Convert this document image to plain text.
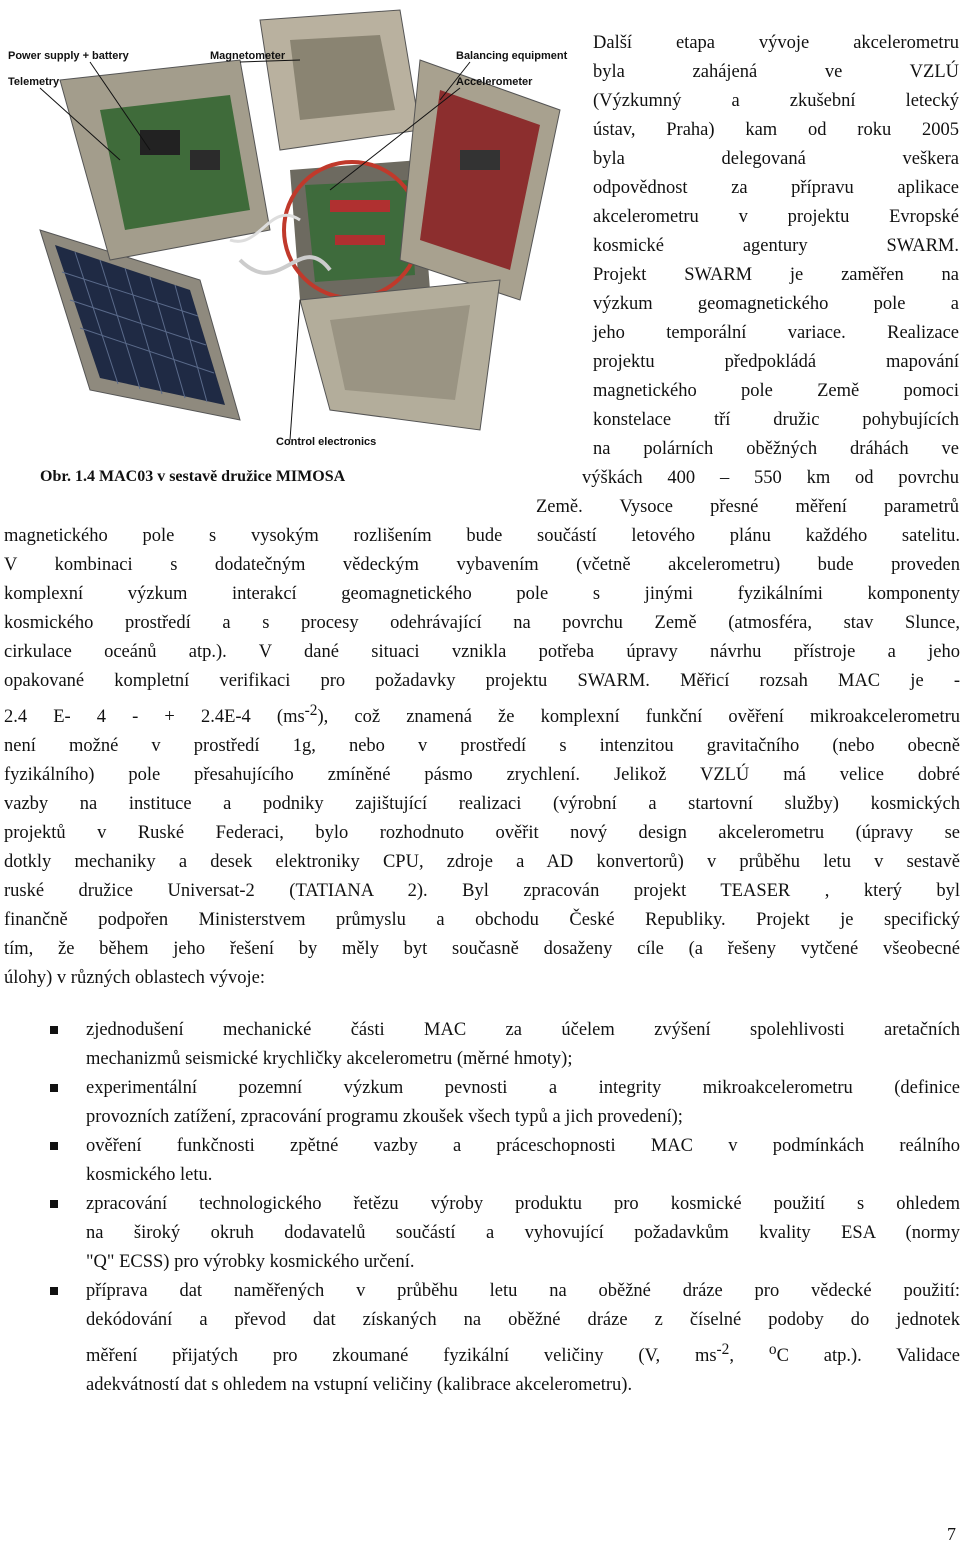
Power supply + battery
Telemetry
Magnetometer	Balancing equipment
Accelerometer
Control electronics
Obr. 1.4 MAC03 v sestavě družice MIMOSA
Další etapa vývoje akcelerometru
byla zahájená ve VZLÚ
(Výzkumný a zkušební letecký
ústav, Praha) kam od roku 2005
byla delegovaná veškera
odpovědnost za přípravu aplikace
akcelerometru v projektu Evropské
kosmické agentury SWARM.
Projekt SWARM je zaměřen na
výzkum geomagnetického pole a
jeho temporální variace. Realizace
projektu předpokládá mapování
magnetického pole Země pomoci
konstelace tří družic pohybujících
na polárních oběžných dráhách ve
výškách 400 – 550 km od povrchu
Země. Vysoce přesné měření parametrů
magnetického pole s vysokým rozlišením bude součástí letového plánu každého satelitu.
V kombinaci s dodatečným vědeckým vybavením (včetně akcelerometru) bude proveden
komplexní výzkum interakcí geomagnetického pole s jinými fyzikálními komponenty
kosmického prostředí a s procesy odehrávající na povrchu Země (atmosféra, stav Slunce,
cirkulace oceánů atp.). V dané situaci vznikla potřeba úpravy návrhu přístroje a jeho
opakované kompletní verifikaci pro požadavky projektu SWARM. Měřicí rozsah MAC je -
2.4 E- 4 - + 2.4E-4 $(ms^{-2})$, což znamená že komplexní funkční ověření mikroakcelerometru
není možné v prostředí 1g, nebo v prostředí s intenzitou gravitačního (nebo obecně
fyzikálního) pole přesahujícího zmíněné pásmo zrychlení. Jelikož VZLÚ má velice dobré
vazby na instituce a podniky zajištující realizaci (výrobní a startovní služby) kosmických
projektů v Ruské Federaci, bylo rozhodnuto ověřit nový design akcelerometru (úpravy se
dotkly mechaniky a desek elektroniky CPU, zdroje a AD konvertorů) v průběhu letu v sestavě
ruské družice Universat-2 (TATIANA 2). Byl zpracován projekt TEASER , který byl
finančně podpořen Ministerstvem průmyslu a obchodu České Republiky. Projekt je specifický
tím, že během jeho řešení by měly byt současně dosaženy cíle (a řešeny vytčené všeobecné
úlohy) v různých oblastech vývoje:
zjednodušení mechanické části MAC za účelem zvýšení spolehlivosti aretačních
mechanizmů seismické krychličky akcelerometru (měrné hmoty);
experimentální pozemní výzkum pevnosti a integrity mikroakcelerometru (definice
provozních zatížení, zpracování programu zkoušek všech typů a jich provedení);
ověření funkčnosti zpětné vazby a práceschopnosti MAC v podmínkách reálního
kosmického letu.
zpracování technologického řetězu výroby produktu pro kosmické použití s ohledem
na široký okruh dodavatelů součástí a vyhovující požadavkům kvality ESA (normy
"Q" ECSS) pro výrobky kosmického určení.
příprava dat naměřených v průběhu letu na oběžné dráze pro vědecké použití:
dekódování a převod dat získaných na oběžné dráze z číselné podoby do jednotek
měření přijatých pro zkoumané fyzikální veličiny (V, $ms^{-2}$, $^o$C atp.). Validace
adekvátností dat s ohledem na vstupní veličiny (kalibrace akcelerometru).
7
